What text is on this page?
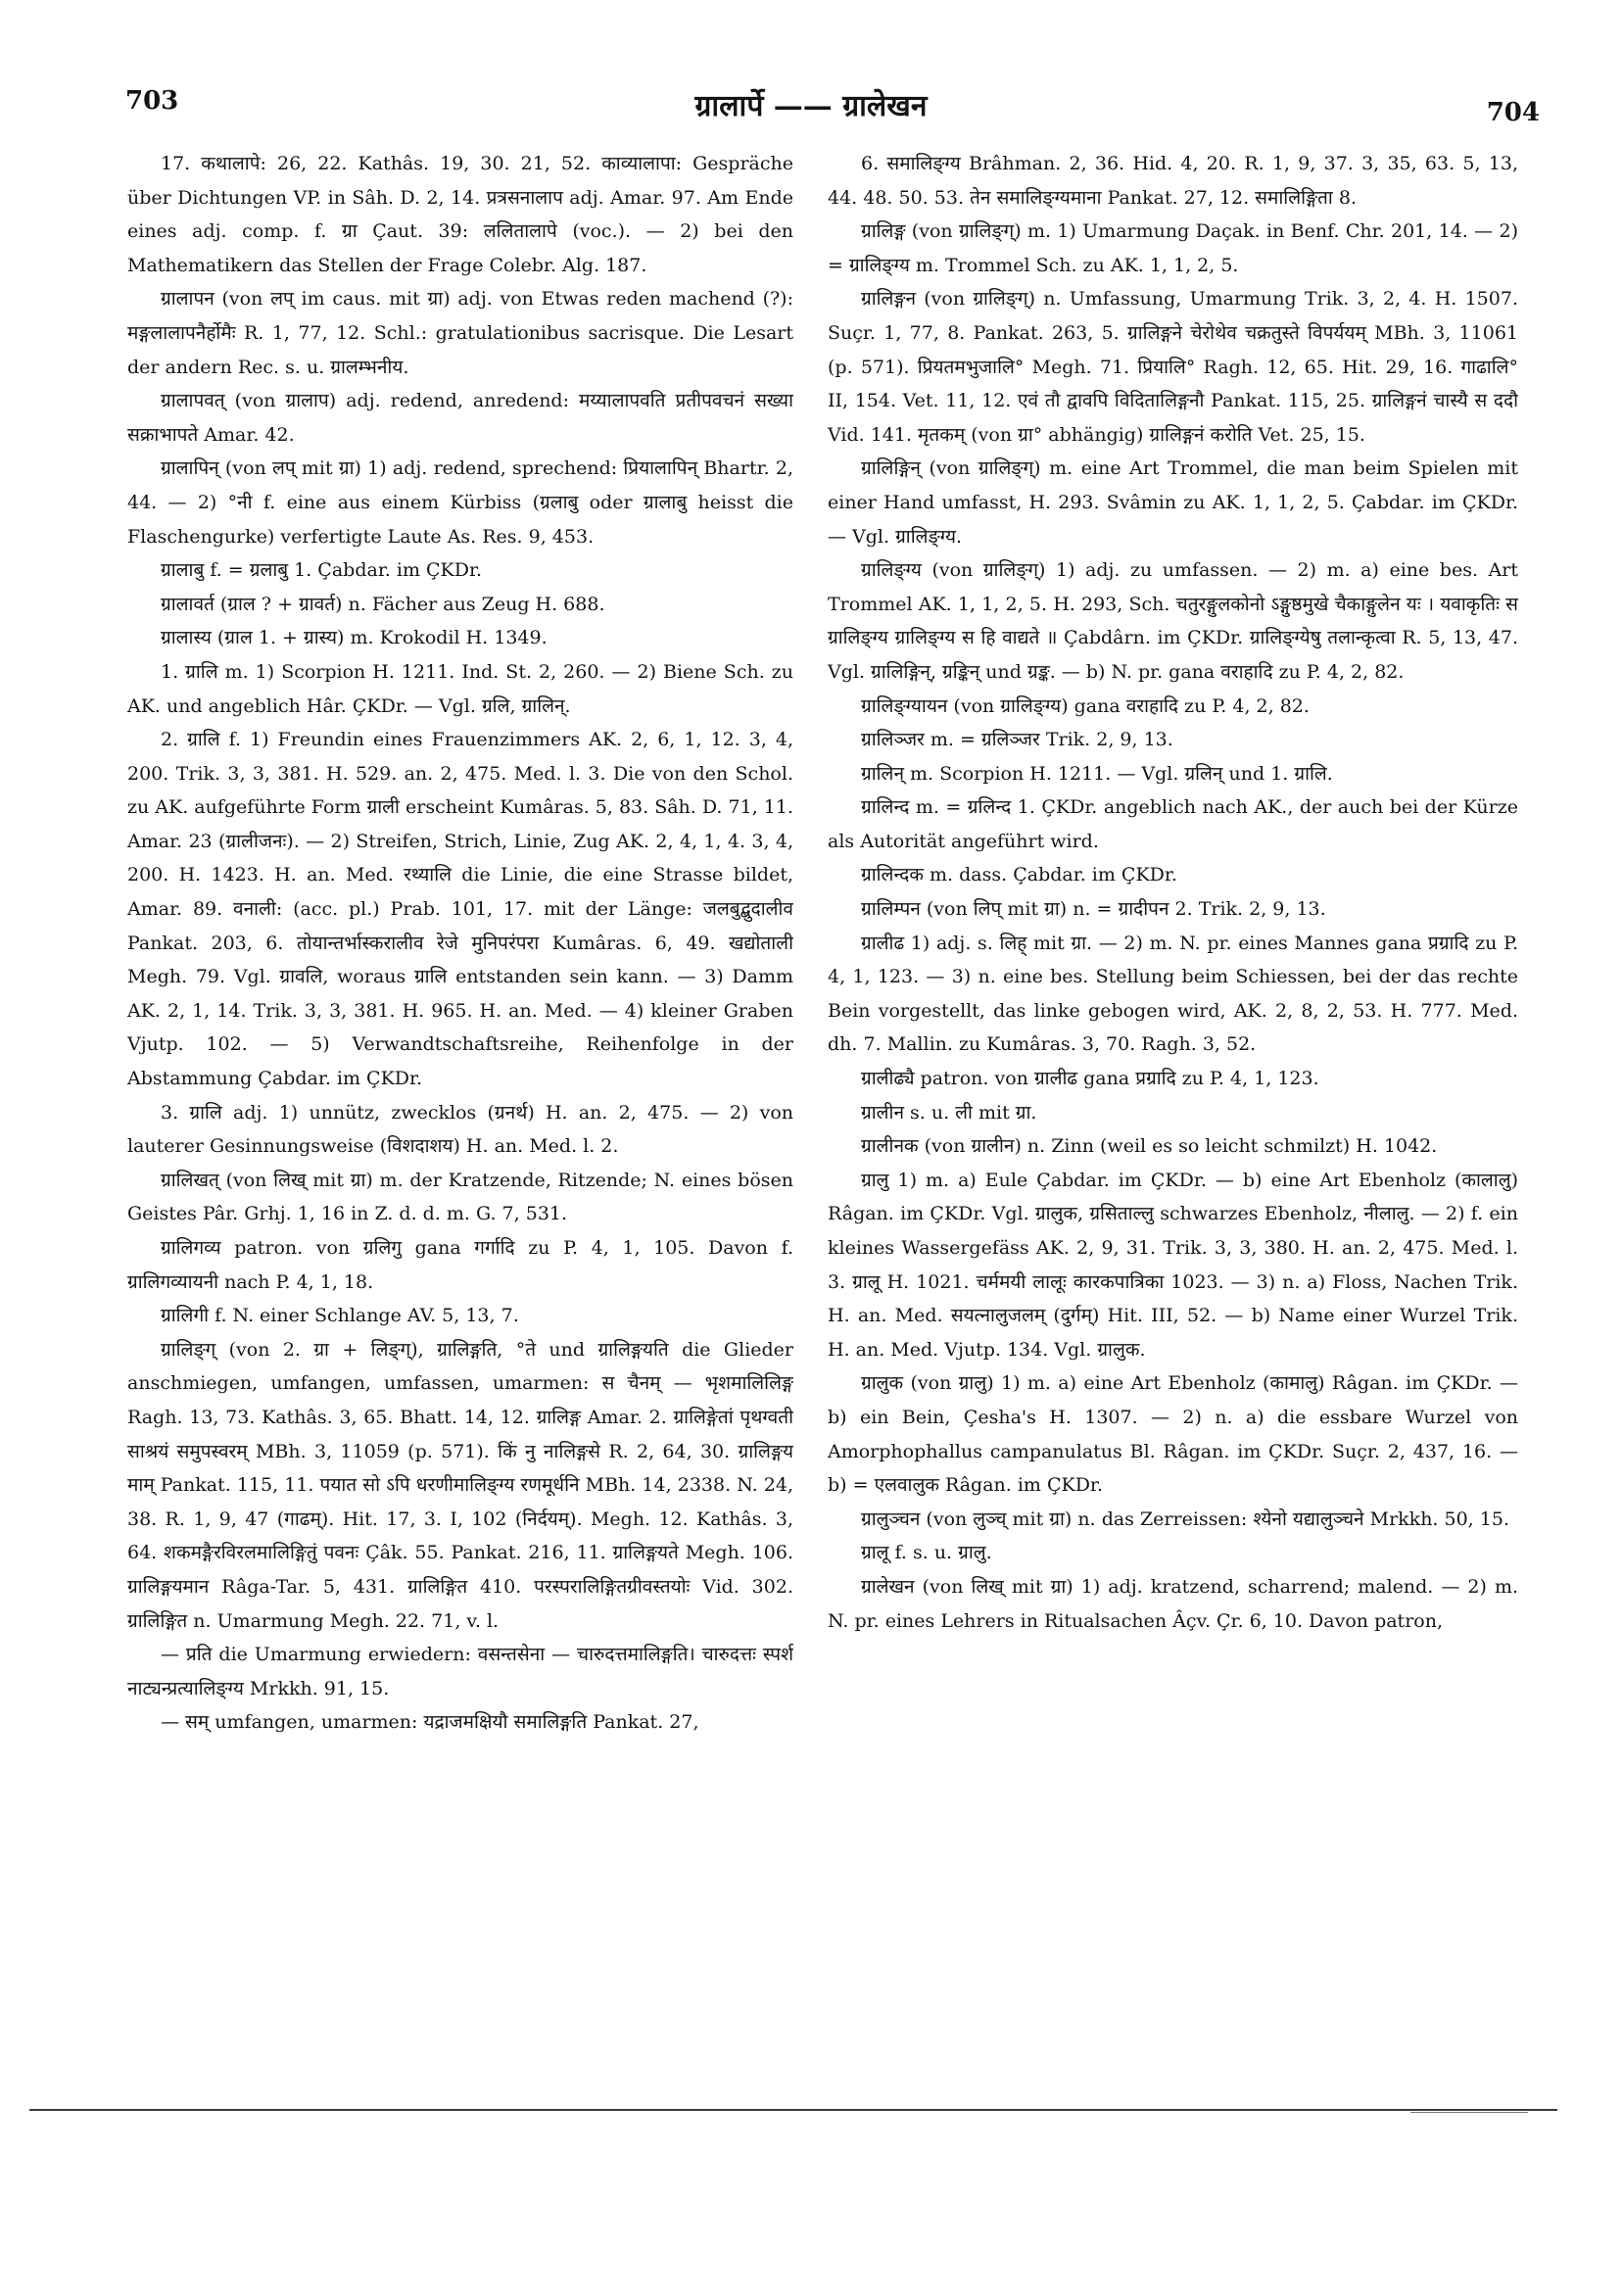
703	ग्रालार्पे —— ग्रालेखन	704

17. कथालापे: 26, 22. Kathâs. 19, 30. 21, 52. काव्यालापा: Gespräche über Dichtungen VP. in Sâh. D. 2, 14. प्रत्रसनालाप adj. Amar. 97. Am Ende eines adj. comp. f. ग्रा Çaut. 39: ललितालापे (voc.). — 2) bei den Mathematikern das Stellen der Frage Colebr. Alg. 187.

ग्रालापन (von लप् im caus. mit ग्रा) adj. von Etwas reden machend (?): मङ्गलालापनैर्होमैः R. 1, 77, 12. Schl.: gratulationibus sacrisque. Die Lesart der andern Rec. s. u. ग्रालम्भनीय.

ग्रालापवत् (von ग्रालाप) adj. redend, anredend: मय्यालापवति प्रतीपवचनं सख्या सक्राभापते Amar. 42.

ग्रालापिन् (von लप् mit ग्रा) 1) adj. redend, sprechend: प्रियालापिन् Bhartr. 2, 44. — 2) °नी f. eine aus einem Kürbiss (ग्रलाबु oder ग्रालाबु heisst die Flaschengurke) verfertigte Laute As. Res. 9, 453.

ग्रालाबु f. = ग्रलाबु 1. Çabdar. im ÇKDr.

ग्रालावर्त (ग्राल ? + ग्रावर्त) n. Fächer aus Zeug H. 688.

ग्रालास्य (ग्राल 1. + ग्रास्य) m. Krokodil H. 1349.

1. ग्रालि m. 1) Scorpion H. 1211. Ind. St. 2, 260. — 2) Biene Sch. zu AK. und angeblich Hâr. ÇKDr. — Vgl. ग्रलि, ग्रालिन्.

2. ग्रालि f. 1) Freundin eines Frauenzimmers AK. 2, 6, 1, 12. 3, 4, 200. Trik. 3, 3, 381. H. 529. an. 2, 475. Med. l. 3. Die von den Schol. zu AK. aufgeführte Form ग्राली erscheint Kumâras. 5, 83. Sâh. D. 71, 11. Amar. 23 (ग्रालीजनः). — 2) Streifen, Strich, Linie, Zug AK. 2, 4, 1, 4. 3, 4, 200. H. 1423. H. an. Med. रथ्यालि die Linie, die eine Strasse bildet, Amar. 89. वनाली: (acc. pl.) Prab. 101, 17. mit der Länge: जलबुद्बुदालीव Pankat. 203, 6. तोयान्तर्भास्करालीव रेजे मुनिपरंपरा Kumâras. 6, 49. खद्योताली Megh. 79. Vgl. ग्रावलि, woraus ग्रालि entstanden sein kann. — 3) Damm AK. 2, 1, 14. Trik. 3, 3, 381. H. 965. H. an. Med. — 4) kleiner Graben Vjutp. 102. — 5) Verwandtschaftsreihe, Reihenfolge in der Abstammung Çabdar. im ÇKDr.

3. ग्रालि adj. 1) unnütz, zwecklos (ग्रनर्थ) H. an. 2, 475. — 2) von lauterer Gesinnungsweise (विशदाशय) H. an. Med. l. 2.

ग्रालिखत् (von लिख् mit ग्रा) m. der Kratzende, Ritzende; N. eines bösen Geistes Pâr. Grhj. 1, 16 in Z. d. d. m. G. 7, 531.

ग्रालिगव्य patron. von ग्रलिगु gana गर्गादि zu P. 4, 1, 105. Davon f. ग्रालिगव्यायनी nach P. 4, 1, 18.

ग्रालिगी f. N. einer Schlange AV. 5, 13, 7.

ग्रालिङ्ग् (von 2. ग्रा + लिङ्ग्), ग्रालिङ्गति, °ते und ग्रालिङ्गयति die Glieder anschmiegen, umfangen, umfassen, umarmen: स चैनम् — भृशमालिलिङ्ग Ragh. 13, 73. Kathâs. 3, 65. Bhatt. 14, 12. ग्रालिङ्ग Amar. 2. ग्रालिङ्गेतां पृथग्वती साश्रयं समुपस्वरम् MBh. 3, 11059 (p. 571). किं नु नालिङ्गसे R. 2, 64, 30. ग्रालिङ्गय माम् Pankat. 115, 11. पयात सो ऽपि धरणीमालिङ्ग्य रणमूर्धनि MBh. 14, 2338. N. 24, 38. R. 1, 9, 47 (गाढम्). Hit. 17, 3. I, 102 (निर्दयम्). Megh. 12. Kathâs. 3, 64. शकमङ्गैरविरलमालिङ्गितुं पवनः Çâk. 55. Pankat. 216, 11. ग्रालिङ्गयते Megh. 106. ग्रालिङ्गयमान Râga-Tar. 5, 431. ग्रालिङ्गित 410. परस्परालिङ्गितग्रीवस्तयोः Vid. 302. ग्रालिङ्गित n. Umarmung Megh. 22. 71, v. l.

— प्रति die Umarmung erwiedern: वसन्तसेना — चारुदत्तमालिङ्गति। चारुदत्तः स्पर्श नाट्यन्प्रत्यालिङ्ग्य Mrkkh. 91, 15.

— सम् umfangen, umarmen: यद्राजमक्षियौ समालिङ्गति Pankat. 27,

6. समालिङ्ग्य Brâhman. 2, 36. Hid. 4, 20. R. 1, 9, 37. 3, 35, 63. 5, 13, 44. 48. 50. 53. तेन समालिङ्ग्यमाना Pankat. 27, 12. समालिङ्गिता 8.

ग्रालिङ्ग (von ग्रालिङ्ग्) m. 1) Umarmung Daçak. in Benf. Chr. 201, 14. — 2) = ग्रालिङ्ग्य m. Trommel Sch. zu AK. 1, 1, 2, 5.

ग्रालिङ्गन (von ग्रालिङ्ग्) n. Umfassung, Umarmung Trik. 3, 2, 4. H. 1507. Suçr. 1, 77, 8. Pankat. 263, 5. ग्रालिङ्गने चेरोथेव चक्रतुस्ते विपर्ययम् MBh. 3, 11061 (p. 571). प्रियतमभुजालि° Megh. 71. प्रियालि° Ragh. 12, 65. Hit. 29, 16. गाढालि° II, 154. Vet. 11, 12. एवं तौ द्वावपि विदितालिङ्गनौ Pankat. 115, 25. ग्रालिङ्गनं चास्यै स ददौ Vid. 141. मृतकम् (von ग्रा° abhängig) ग्रालिङ्गनं करोति Vet. 25, 15.

ग्रालिङ्गिन् (von ग्रालिङ्ग्) m. eine Art Trommel, die man beim Spielen mit einer Hand umfasst, H. 293. Svâmin zu AK. 1, 1, 2, 5. Çabdar. im ÇKDr. — Vgl. ग्रालिङ्ग्य.

ग्रालिङ्ग्य (von ग्रालिङ्ग्) 1) adj. zu umfassen. — 2) m. a) eine bes. Art Trommel AK. 1, 1, 2, 5. H. 293, Sch. चतुरङ्गुलकोनो ऽङ्गुष्ठमुखे चैकाङ्गुलेन यः । यवाकृतिः स ग्रालिङ्ग्य ग्रालिङ्ग्य स हि वाद्यते ॥ Çabdârn. im ÇKDr. ग्रालिङ्ग्येषु तलान्कृत्वा R. 5, 13, 47. Vgl. ग्रालिङ्गिन्, ग्रङ्किन् und ग्रङ्क. — b) N. pr. gana वराहादि zu P. 4, 2, 82.

ग्रालिङ्ग्यायन (von ग्रालिङ्ग्य) gana वराहादि zu P. 4, 2, 82.

ग्रालिञ्जर m. = ग्रलिञ्जर Trik. 2, 9, 13.

ग्रालिन् m. Scorpion H. 1211. — Vgl. ग्रलिन् und 1. ग्रालि.

ग्रालिन्द m. = ग्रलिन्द 1. ÇKDr. angeblich nach AK., der auch bei der Kürze als Autorität angeführt wird.

ग्रालिन्दक m. dass. Çabdar. im ÇKDr.

ग्रालिम्पन (von लिप् mit ग्रा) n. = ग्रादीपन 2. Trik. 2, 9, 13.

ग्रालीढ 1) adj. s. लिह् mit ग्रा. — 2) m. N. pr. eines Mannes gana प्रग्रादि zu P. 4, 1, 123. — 3) n. eine bes. Stellung beim Schiessen, bei der das rechte Bein vorgestellt, das linke gebogen wird, AK. 2, 8, 2, 53. H. 777. Med. dh. 7. Mallin. zu Kumâras. 3, 70. Ragh. 3, 52.

ग्रालीढ्यै patron. von ग्रालीढ gana प्रग्रादि zu P. 4, 1, 123.

ग्रालीन s. u. ली mit ग्रा.

ग्रालीनक (von ग्रालीन) n. Zinn (weil es so leicht schmilzt) H. 1042.

ग्रालु 1) m. a) Eule Çabdar. im ÇKDr. — b) eine Art Ebenholz (कालालु) Râgan. im ÇKDr. Vgl. ग्रालुक, ग्रसिताल्लु schwarzes Ebenholz, नीलालु. — 2) f. ein kleines Wassergefäss AK. 2, 9, 31. Trik. 3, 3, 380. H. an. 2, 475. Med. l. 3. ग्रालू H. 1021. चर्ममयी लालूः कारकपात्रिका 1023. — 3) n. a) Floss, Nachen Trik. H. an. Med. सयत्नालुजलम् (दुर्गम्) Hit. III, 52. — b) Name einer Wurzel Trik. H. an. Med. Vjutp. 134. Vgl. ग्रालुक.

ग्रालुक (von ग्रालु) 1) m. a) eine Art Ebenholz (कामालु) Râgan. im ÇKDr. — b) ein Bein, Çesha's H. 1307. — 2) n. a) die essbare Wurzel von Amorphophallus campanulatus Bl. Râgan. im ÇKDr. Suçr. 2, 437, 16. — b) = एलवालुक Râgan. im ÇKDr.

ग्रालुञ्चन (von लुञ्च् mit ग्रा) n. das Zerreissen: श्येनो यद्यालुञ्चने Mrkkh. 50, 15.

ग्रालू f. s. u. ग्रालु.

ग्रालेखन (von लिख् mit ग्रा) 1) adj. kratzend, scharrend; malend. — 2) m. N. pr. eines Lehrers in Ritualsachen Âçv. Çr. 6, 10. Davon patron,
